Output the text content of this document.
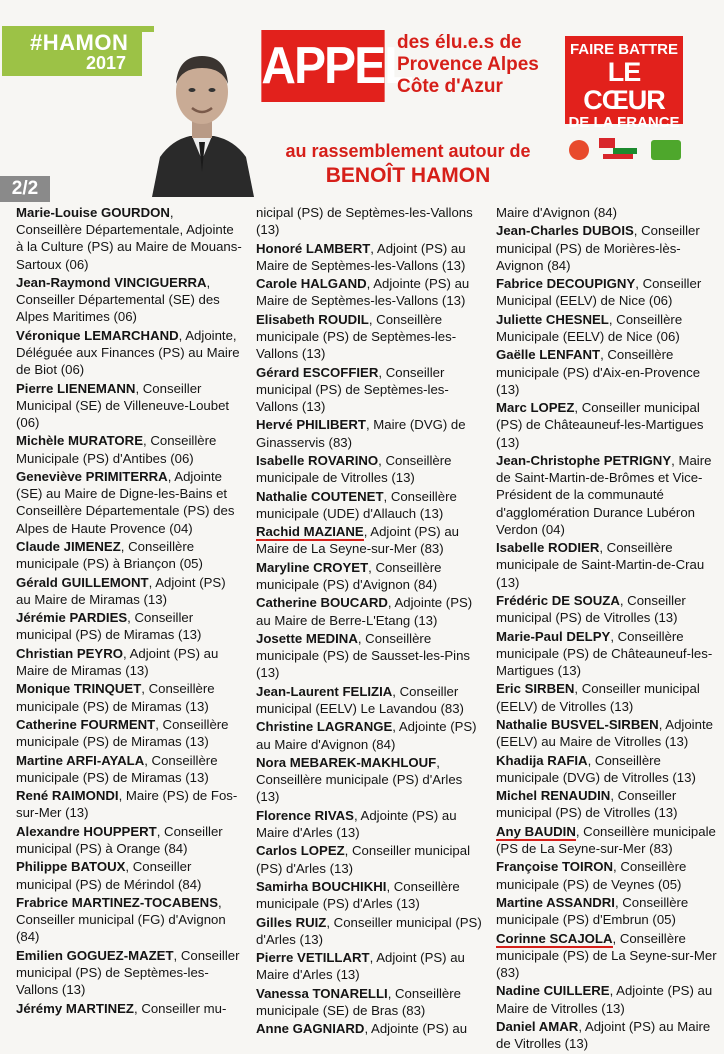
#HAMON
2017	APPEL
des élu.e.s de
Provence Alpes
Côte d'Azur
FAIRE BATTRE
LE CŒUR
DE LA FRANCE
au rassemblement autour de
BENOÎT HAMON
2/2
Marie-Louise GOURDON, Conseillère Départementale, Adjointe à la Culture (PS) au Maire de Mouans-Sartoux (06)
Jean-Raymond VINCIGUERRA, Conseiller Départemental (SE) des Alpes Maritimes (06)
Véronique LEMARCHAND, Adjointe, Déléguée aux Finances (PS) au Maire de Biot (06)
Pierre LIENEMANN, Conseiller Municipal (SE) de Villeneuve-Loubet (06)
Michèle MURATORE, Conseillère Municipale (PS) d'Antibes (06)
Geneviève PRIMITERRA, Adjointe (SE) au Maire de Digne-les-Bains et Conseillère Départementale (PS) des Alpes de Haute Provence (04)
Claude JIMENEZ, Conseillère municipale (PS) à Briançon (05)
Gérald GUILLEMONT, Adjoint (PS) au Maire de Miramas (13)
Jérémie PARDIES, Conseiller municipal (PS) de Miramas (13)
Christian PEYRO, Adjoint (PS) au Maire de Miramas (13)
Monique TRINQUET, Conseillère municipale (PS) de Miramas (13)
Catherine FOURMENT, Conseillère municipale (PS) de Miramas (13)
Martine ARFI-AYALA, Conseillère municipale (PS) de Miramas (13)
René RAIMONDI, Maire (PS) de Fos-sur-Mer (13)
Alexandre HOUPPERT, Conseiller municipal (PS) à Orange (84)
Philippe BATOUX, Conseiller municipal (PS) de Mérindol (84)
Frabrice MARTINEZ-TOCABENS, Conseiller municipal (FG) d'Avignon (84)
Emilien GOGUEZ-MAZET, Conseiller municipal (PS) de Septèmes-les-Vallons (13)
Jérémy MARTINEZ, Conseiller mu-
nicipal (PS) de Septèmes-les-Vallons (13)
Honoré LAMBERT, Adjoint (PS) au Maire de Septèmes-les-Vallons (13)
Carole HALGAND, Adjointe (PS) au Maire de Septèmes-les-Vallons (13)
Elisabeth ROUDIL, Conseillère municipale (PS) de Septèmes-les-Vallons (13)
Gérard ESCOFFIER, Conseiller municipal (PS) de Septèmes-les-Vallons (13)
Hervé PHILIBERT, Maire (DVG) de Ginasservis (83)
Isabelle ROVARINO, Conseillère municipale de Vitrolles (13)
Nathalie COUTENET, Conseillère municipale (UDE) d'Allauch (13)
Rachid MAZIANE, Adjoint (PS) au Maire de La Seyne-sur-Mer (83)
Maryline CROYET, Conseillère municipale (PS) d'Avignon (84)
Catherine BOUCARD, Adjointe (PS) au Maire de Berre-L'Etang (13)
Josette MEDINA, Conseillère municipale (PS) de Sausset-les-Pins (13)
Jean-Laurent FELIZIA, Conseiller municipal (EELV) Le Lavandou (83)
Christine LAGRANGE, Adjointe (PS) au Maire d'Avignon (84)
Nora MEBAREK-MAKHLOUF, Conseillère municipale (PS) d'Arles (13)
Florence RIVAS, Adjointe (PS) au Maire d'Arles (13)
Carlos LOPEZ, Conseiller municipal (PS) d'Arles (13)
Samirha BOUCHIKHI, Conseillère municipale (PS) d'Arles (13)
Gilles RUIZ, Conseiller municipal (PS) d'Arles (13)
Pierre VETILLART, Adjoint (PS) au Maire d'Arles (13)
Vanessa TONARELLI, Conseillère municipale (SE) de Bras (83)
Anne GAGNIARD, Adjointe (PS) au
Maire d'Avignon (84)
Jean-Charles DUBOIS, Conseiller municipal (PS) de Morières-lès-Avignon (84)
Fabrice DECOUPIGNY, Conseiller Municipal (EELV) de Nice (06)
Juliette CHESNEL, Conseillère Municipale (EELV) de Nice (06)
Gaëlle LENFANT, Conseillère municipale (PS) d'Aix-en-Provence (13)
Marc LOPEZ, Conseiller municipal (PS) de Châteauneuf-les-Martigues (13)
Jean-Christophe PETRIGNY, Maire de Saint-Martin-de-Brômes et Vice-Président de la communauté d'agglomération Durance Lubéron Verdon (04)
Isabelle RODIER, Conseillère municipale de Saint-Martin-de-Crau (13)
Frédéric DE SOUZA, Conseiller municipal (PS) de Vitrolles (13)
Marie-Paul DELPY, Conseillère municipale (PS) de Châteauneuf-les-Martigues (13)
Eric SIRBEN, Conseiller municipal (EELV) de Vitrolles (13)
Nathalie BUSVEL-SIRBEN, Adjointe (EELV) au Maire de Vitrolles (13)
Khadija RAFIA, Conseillère municipale (DVG) de Vitrolles (13)
Michel RENAUDIN, Conseiller municipal (PS) de Vitrolles (13)
Any BAUDIN, Conseillère municipale (PS de La Seyne-sur-Mer (83)
Françoise TOIRON, Conseillère municipale (PS) de Veynes (05)
Martine ASSANDRI, Conseillère municipale (PS) d'Embrun (05)
Corinne SCAJOLA, Conseillère municipale (PS) de La Seyne-sur-Mer (83)
Nadine CUILLERE, Adjointe (PS) au Maire de Vitrolles (13)
Daniel AMAR, Adjoint (PS) au Maire de Vitrolles (13)
